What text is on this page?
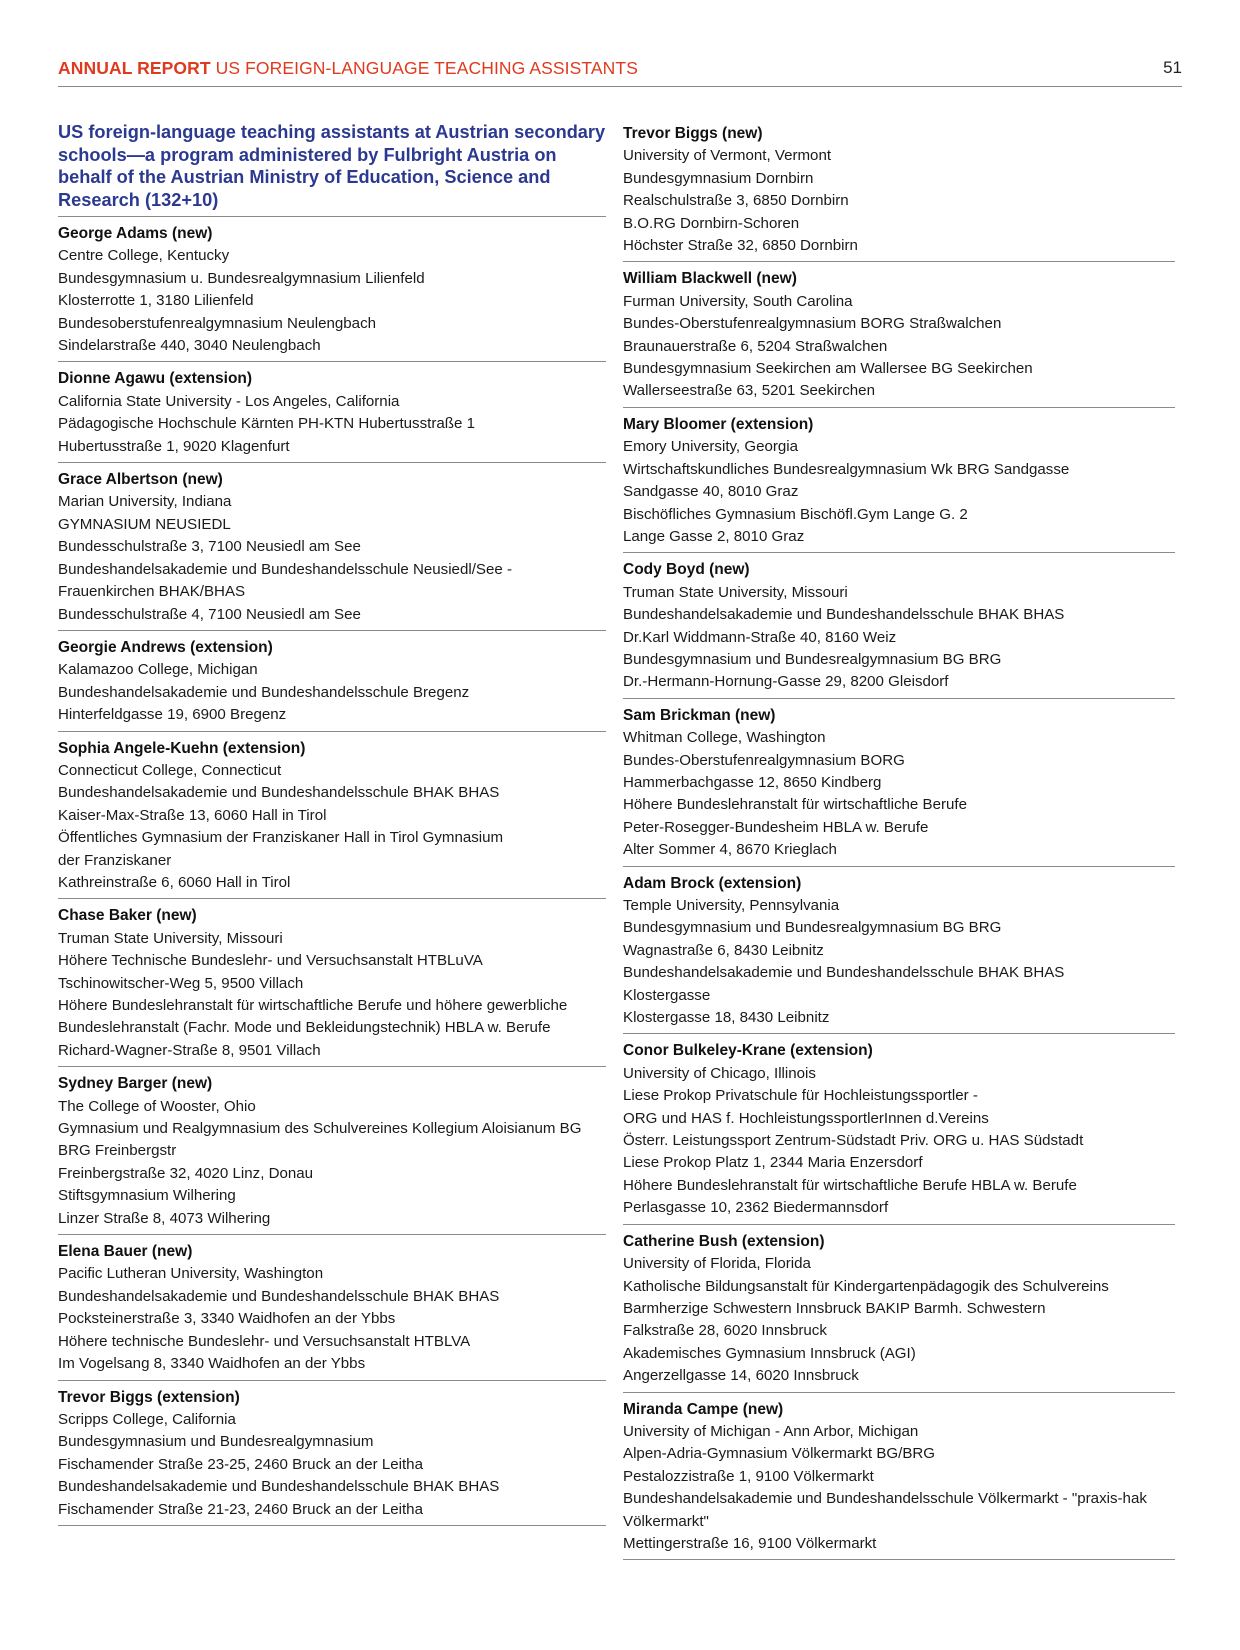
ANNUAL REPORT US FOREIGN-LANGUAGE TEACHING ASSISTANTS	51
US foreign-language teaching assistants at Austrian secondary schools—a program administered by Fulbright Austria on behalf of the Austrian Ministry of Education, Science and Research (132+10)
George Adams (new)
Centre College, Kentucky
Bundesgymnasium u. Bundesrealgymnasium Lilienfeld
Klosterrotte 1, 3180 Lilienfeld
Bundesoberstufenrealgymnasium Neulengbach
Sindelarstraße 440, 3040 Neulengbach
Dionne Agawu (extension)
California State University - Los Angeles, California
Pädagogische Hochschule Kärnten PH-KTN Hubertusstraße 1
Hubertusstraße 1, 9020 Klagenfurt
Grace Albertson (new)
Marian University, Indiana
GYMNASIUM NEUSIEDL
Bundesschulstraße 3, 7100 Neusiedl am See
Bundeshandelsakademie und Bundeshandelsschule Neusiedl/See -
Frauenkirchen BHAK/BHAS
Bundesschulstraße 4, 7100 Neusiedl am See
Georgie Andrews (extension)
Kalamazoo College, Michigan
Bundeshandelsakademie und Bundeshandelsschule Bregenz
Hinterfeldgasse 19, 6900 Bregenz
Sophia Angele-Kuehn (extension)
Connecticut College, Connecticut
Bundeshandelsakademie und Bundeshandelsschule BHAK BHAS
Kaiser-Max-Straße 13, 6060 Hall in Tirol
Öffentliches Gymnasium der Franziskaner Hall in Tirol Gymnasium
der Franziskaner
Kathreinstraße 6, 6060 Hall in Tirol
Chase Baker (new)
Truman State University, Missouri
Höhere Technische Bundeslehr- und Versuchsanstalt HTBLuVA
Tschinowitscher-Weg 5, 9500 Villach
Höhere Bundeslehranstalt für wirtschaftliche Berufe und höhere gewerbliche
Bundeslehranstalt (Fachr. Mode und Bekleidungstechnik) HBLA w. Berufe
Richard-Wagner-Straße 8, 9501 Villach
Sydney Barger (new)
The College of Wooster, Ohio
Gymnasium und Realgymnasium des Schulvereines Kollegium Aloisianum BG
BRG Freinbergstr
Freinbergstraße 32, 4020 Linz, Donau
Stiftsgymnasium Wilhering
Linzer Straße 8, 4073 Wilhering
Elena Bauer (new)
Pacific Lutheran University, Washington
Bundeshandelsakademie und Bundeshandelsschule BHAK BHAS
Pocksteinerstraße 3, 3340 Waidhofen an der Ybbs
Höhere technische Bundeslehr- und Versuchsanstalt HTBLVA
Im Vogelsang 8, 3340 Waidhofen an der Ybbs
Trevor Biggs (extension)
Scripps College, California
Bundesgymnasium und Bundesrealgymnasium
Fischamender Straße 23-25, 2460 Bruck an der Leitha
Bundeshandelsakademie und Bundeshandelsschule BHAK BHAS
Fischamender Straße 21-23, 2460 Bruck an der Leitha
Trevor Biggs (new)
University of Vermont, Vermont
Bundesgymnasium Dornbirn
Realschulstraße 3, 6850 Dornbirn
B.O.RG Dornbirn-Schoren
Höchster Straße 32, 6850 Dornbirn
William Blackwell (new)
Furman University, South Carolina
Bundes-Oberstufenrealgymnasium BORG Straßwalchen
Braunauerstraße 6, 5204 Straßwalchen
Bundesgymnasium Seekirchen am Wallersee BG Seekirchen
Wallerseestraße 63, 5201 Seekirchen
Mary Bloomer (extension)
Emory University, Georgia
Wirtschaftskundliches Bundesrealgymnasium Wk BRG Sandgasse
Sandgasse 40, 8010 Graz
Bischöfliches Gymnasium Bischöfl.Gym Lange G. 2
Lange Gasse 2, 8010 Graz
Cody Boyd (new)
Truman State University, Missouri
Bundeshandelsakademie und Bundeshandelsschule BHAK BHAS
Dr.Karl Widdmann-Straße 40, 8160 Weiz
Bundesgymnasium und Bundesrealgymnasium BG BRG
Dr.-Hermann-Hornung-Gasse 29, 8200 Gleisdorf
Sam Brickman (new)
Whitman College, Washington
Bundes-Oberstufenrealgymnasium BORG
Hammerbachgasse 12, 8650 Kindberg
Höhere Bundeslehranstalt für wirtschaftliche Berufe
Peter-Rosegger-Bundesheim HBLA w. Berufe
Alter Sommer 4, 8670 Krieglach
Adam Brock (extension)
Temple University, Pennsylvania
Bundesgymnasium und Bundesrealgymnasium BG BRG
Wagnastraße 6, 8430 Leibnitz
Bundeshandelsakademie und Bundeshandelsschule BHAK BHAS
Klostergasse
Klostergasse 18, 8430 Leibnitz
Conor Bulkeley-Krane (extension)
University of Chicago, Illinois
Liese Prokop Privatschule für Hochleistungssportler -
ORG und HAS f. HochleistungssportlerInnen d.Vereins
Österr. Leistungssport Zentrum-Südstadt Priv. ORG u. HAS Südstadt
Liese Prokop Platz 1, 2344 Maria Enzersdorf
Höhere Bundeslehranstalt für wirtschaftliche Berufe HBLA w. Berufe
Perlasgasse 10, 2362 Biedermannsdorf
Catherine Bush (extension)
University of Florida, Florida
Katholische Bildungsanstalt für Kindergartenpädagogik des Schulvereins
Barmherzige Schwestern Innsbruck BAKIP Barmh. Schwestern
Falkstraße 28, 6020 Innsbruck
Akademisches Gymnasium Innsbruck (AGI)
Angerzellgasse 14, 6020 Innsbruck
Miranda Campe (new)
University of Michigan - Ann Arbor, Michigan
Alpen-Adria-Gymnasium Völkermarkt BG/BRG
Pestalozzistraße 1, 9100 Völkermarkt
Bundeshandelsakademie und Bundeshandelsschule Völkermarkt - "praxis-hak
Völkermarkt"
Mettingerstraße 16, 9100 Völkermarkt
